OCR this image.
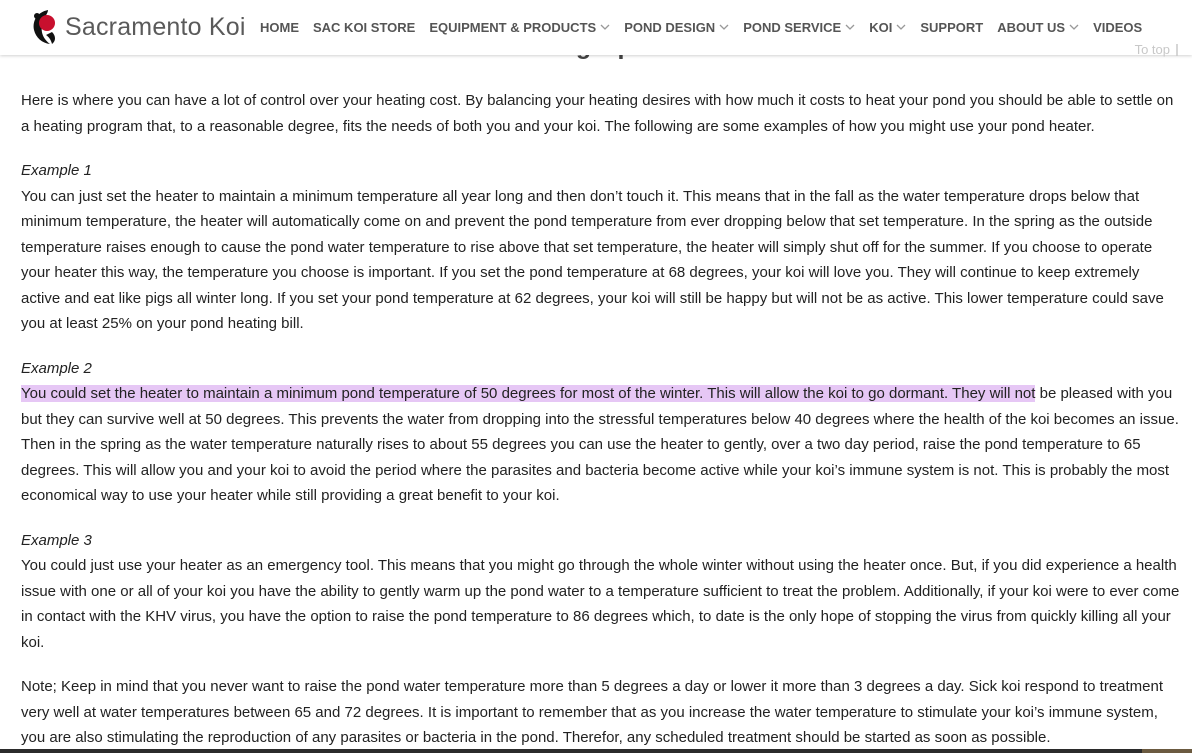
Sacramento Koi HOME SAC KOI STORE EQUIPMENT & PRODUCTS POND DESIGN POND SERVICE KOI SUPPORT ABOUT US VIDEOS
To top

Here is where you can have a lot of control over your heating cost. By balancing your heating desires with how much it costs to heat your pond you should be able to settle on a heating program that, to a reasonable degree, fits the needs of both you and your koi. The following are some examples of how you might use your pond heater.

Example 1
You can just set the heater to maintain a minimum temperature all year long and then don’t touch it. This means that in the fall as the water temperature drops below that minimum temperature, the heater will automatically come on and prevent the pond temperature from ever dropping below that set temperature. In the spring as the outside temperature raises enough to cause the pond water temperature to rise above that set temperature, the heater will simply shut off for the summer. If you choose to operate your heater this way, the temperature you choose is important. If you set the pond temperature at 68 degrees, your koi will love you. They will continue to keep extremely active and eat like pigs all winter long. If you set your pond temperature at 62 degrees, your koi will still be happy but will not be as active. This lower temperature could save you at least 25% on your pond heating bill.

Example 2
You could set the heater to maintain a minimum pond temperature of 50 degrees for most of the winter. This will allow the koi to go dormant. They will not be pleased with you but they can survive well at 50 degrees. This prevents the water from dropping into the stressful temperatures below 40 degrees where the health of the koi becomes an issue. Then in the spring as the water temperature naturally rises to about 55 degrees you can use the heater to gently, over a two day period, raise the pond temperature to 65 degrees. This will allow you and your koi to avoid the period where the parasites and bacteria become active while your koi’s immune system is not. This is probably the most economical way to use your heater while still providing a great benefit to your koi.

Example 3
You could just use your heater as an emergency tool. This means that you might go through the whole winter without using the heater once. But, if you did experience a health issue with one or all of your koi you have the ability to gently warm up the pond water to a temperature sufficient to treat the problem. Additionally, if your koi were to ever come in contact with the KHV virus, you have the option to raise the pond temperature to 86 degrees which, to date is the only hope of stopping the virus from quickly killing all your koi.

Note; Keep in mind that you never want to raise the pond water temperature more than 5 degrees a day or lower it more than 3 degrees a day. Sick koi respond to treatment very well at water temperatures between 65 and 72 degrees. It is important to remember that as you increase the water temperature to stimulate your koi’s immune system, you are also stimulating the reproduction of any parasites or bacteria in the pond. Therefor, any scheduled treatment should be started as soon as possible.
